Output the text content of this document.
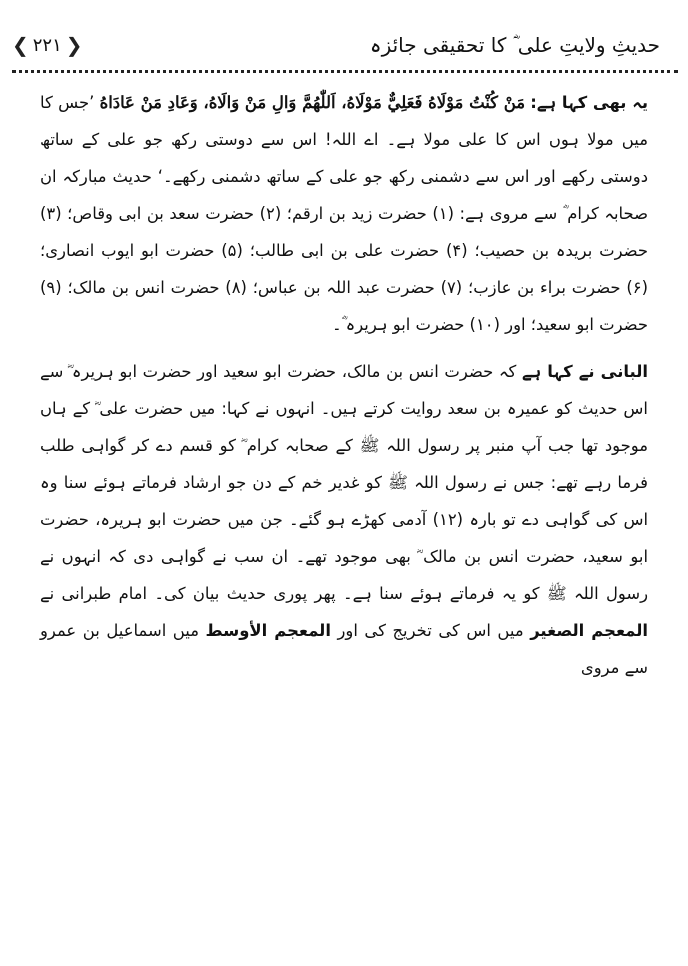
حدیثِ ولایتِ علی ؓ کا تحقیقی جائزہ
❮ ۲۲۱ ❯

یہ بھی کہا ہے: مَنْ كُنْتُ مَوْلَاهُ فَعَلِيٌّ مَوْلَاهُ، اَللّٰهُمَّ وَالِ مَنْ وَالَاهُ، وَعَادِ مَنْ عَادَاهُ ’جس کا میں مولا ہوں اس کا علی مولا ہے۔ اے اللہ! اس سے دوستی رکھ جو علی کے ساتھ دوستی رکھے اور اس سے دشمنی رکھ جو علی کے ساتھ دشمنی رکھے۔‘ حدیث مبارکہ ان صحابہ کرام ؓ سے مروی ہے: (۱) حضرت زید بن ارقم؛ (۲) حضرت سعد بن ابی وقاص؛ (۳) حضرت بریدہ بن حصیب؛ (۴) حضرت علی بن ابی طالب؛ (۵) حضرت ابو ایوب انصاری؛ (۶) حضرت براء بن عازب؛ (۷) حضرت عبد اللہ بن عباس؛ (۸) حضرت انس بن مالک؛ (۹) حضرت ابو سعید؛ اور (۱۰) حضرت ابو ہریرہ ؓ۔

البانی نے کہا ہے کہ حضرت انس بن مالک، حضرت ابو سعید اور حضرت ابو ہریرہ ؓ سے اس حدیث کو عمیرہ بن سعد روایت کرتے ہیں۔ انہوں نے کہا: میں حضرت علی ؓ کے ہاں موجود تھا جب آپ منبر پر رسول اللہ ﷺ کے صحابہ کرام ؓ کو قسم دے کر گواہی طلب فرما رہے تھے: جس نے رسول اللہ ﷺ کو غدیر خم کے دن جو ارشاد فرماتے ہوئے سنا وہ اس کی گواہی دے تو بارہ (۱۲) آدمی کھڑے ہو گئے۔ جن میں حضرت ابو ہریرہ، حضرت ابو سعید، حضرت انس بن مالک ؓ بھی موجود تھے۔ ان سب نے گواہی دی کہ انہوں نے رسول اللہ ﷺ کو یہ فرماتے ہوئے سنا ہے۔ پھر پوری حدیث بیان کی۔ امام طبرانی نے المعجم الصغیر میں اس کی تخریج کی اور المعجم الأوسط میں اسماعیل بن عمرو سے مروی
